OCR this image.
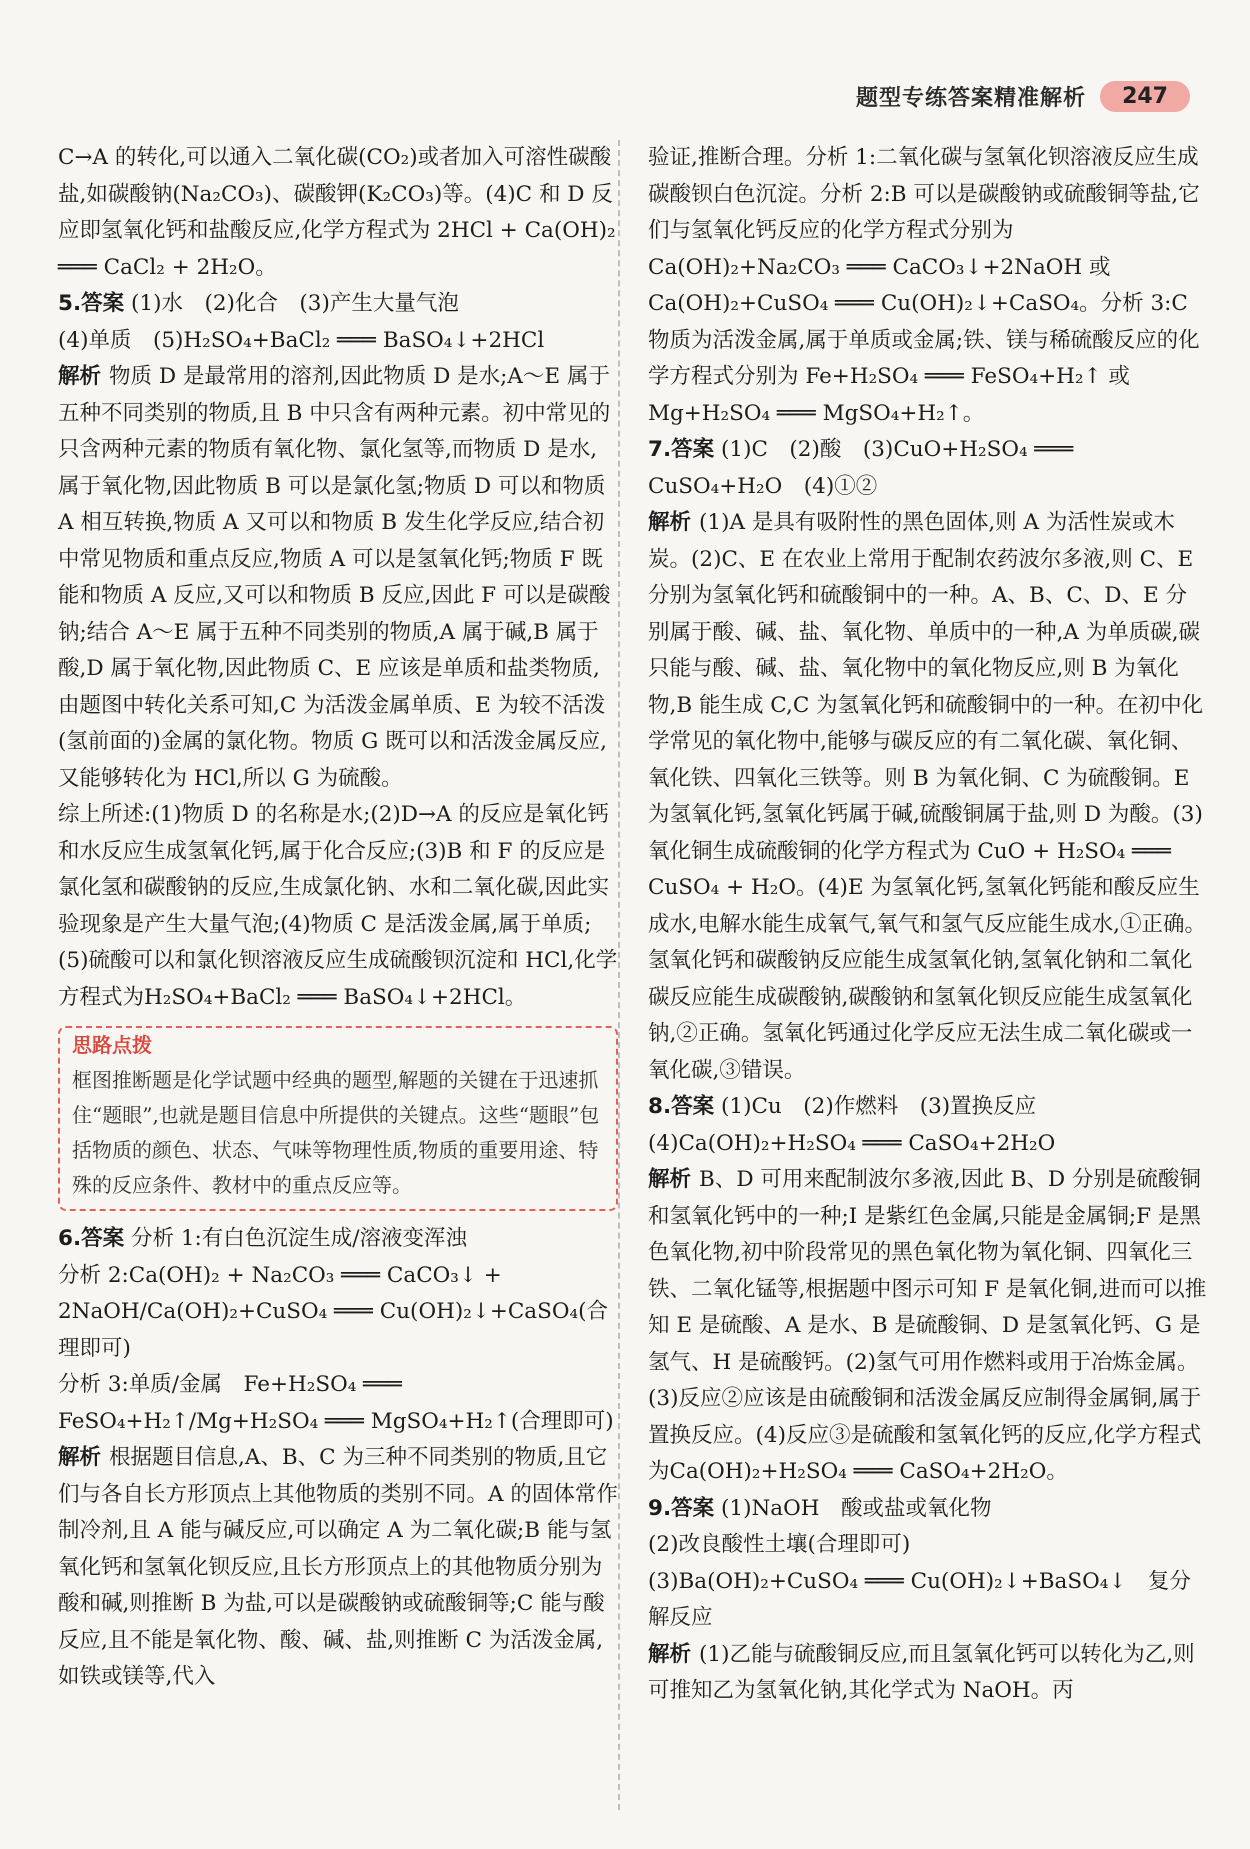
题型专练答案精准解析	247

C→A 的转化,可以通入二氧化碳(CO₂)或者加入可溶性碳酸盐,如碳酸钠(Na₂CO₃)、碳酸钾(K₂CO₃)等。(4)C 和 D 反应即氢氧化钙和盐酸反应,化学方程式为 2HCl + Ca(OH)₂ ═══ CaCl₂ + 2H₂O。

5.答案 (1)水　(2)化合　(3)产生大量气泡

(4)单质　(5)H₂SO₄+BaCl₂ ═══ BaSO₄↓+2HCl

解析 物质 D 是最常用的溶剂,因此物质 D 是水;A～E 属于五种不同类别的物质,且 B 中只含有两种元素。初中常见的只含两种元素的物质有氧化物、氯化氢等,而物质 D 是水,属于氧化物,因此物质 B 可以是氯化氢;物质 D 可以和物质 A 相互转换,物质 A 又可以和物质 B 发生化学反应,结合初中常见物质和重点反应,物质 A 可以是氢氧化钙;物质 F 既能和物质 A 反应,又可以和物质 B 反应,因此 F 可以是碳酸钠;结合 A～E 属于五种不同类别的物质,A 属于碱,B 属于酸,D 属于氧化物,因此物质 C、E 应该是单质和盐类物质,由题图中转化关系可知,C 为活泼金属单质、E 为较不活泼(氢前面的)金属的氯化物。物质 G 既可以和活泼金属反应,又能够转化为 HCl,所以 G 为硫酸。

综上所述:(1)物质 D 的名称是水;(2)D→A 的反应是氧化钙和水反应生成氢氧化钙,属于化合反应;(3)B 和 F 的反应是氯化氢和碳酸钠的反应,生成氯化钠、水和二氧化碳,因此实验现象是产生大量气泡;(4)物质 C 是活泼金属,属于单质;(5)硫酸可以和氯化钡溶液反应生成硫酸钡沉淀和 HCl,化学方程式为H₂SO₄+BaCl₂ ═══ BaSO₄↓+2HCl。

思路点拨
框图推断题是化学试题中经典的题型,解题的关键在于迅速抓住“题眼”,也就是题目信息中所提供的关键点。这些“题眼”包括物质的颜色、状态、气味等物理性质,物质的重要用途、特殊的反应条件、教材中的重点反应等。

6.答案 分析 1:有白色沉淀生成/溶液变浑浊

分析 2:Ca(OH)₂ + Na₂CO₃ ═══ CaCO₃↓ + 2NaOH/Ca(OH)₂+CuSO₄ ═══ Cu(OH)₂↓+CaSO₄(合理即可)

分析 3:单质/金属　Fe+H₂SO₄ ═══ FeSO₄+H₂↑/Mg+H₂SO₄ ═══ MgSO₄+H₂↑(合理即可)

解析 根据题目信息,A、B、C 为三种不同类别的物质,且它们与各自长方形顶点上其他物质的类别不同。A 的固体常作制冷剂,且 A 能与碱反应,可以确定 A 为二氧化碳;B 能与氢氧化钙和氢氧化钡反应,且长方形顶点上的其他物质分别为酸和碱,则推断 B 为盐,可以是碳酸钠或硫酸铜等;C 能与酸反应,且不能是氧化物、酸、碱、盐,则推断 C 为活泼金属,如铁或镁等,代入

验证,推断合理。分析 1:二氧化碳与氢氧化钡溶液反应生成碳酸钡白色沉淀。分析 2:B 可以是碳酸钠或硫酸铜等盐,它们与氢氧化钙反应的化学方程式分别为 Ca(OH)₂+Na₂CO₃ ═══ CaCO₃↓+2NaOH 或Ca(OH)₂+CuSO₄ ═══ Cu(OH)₂↓+CaSO₄。分析 3:C 物质为活泼金属,属于单质或金属;铁、镁与稀硫酸反应的化学方程式分别为 Fe+H₂SO₄ ═══ FeSO₄+H₂↑ 或 Mg+H₂SO₄ ═══ MgSO₄+H₂↑。

7.答案 (1)C　(2)酸　(3)CuO+H₂SO₄ ═══ CuSO₄+H₂O　(4)①②

解析 (1)A 是具有吸附性的黑色固体,则 A 为活性炭或木炭。(2)C、E 在农业上常用于配制农药波尔多液,则 C、E 分别为氢氧化钙和硫酸铜中的一种。A、B、C、D、E 分别属于酸、碱、盐、氧化物、单质中的一种,A 为单质碳,碳只能与酸、碱、盐、氧化物中的氧化物反应,则 B 为氧化物,B 能生成 C,C 为氢氧化钙和硫酸铜中的一种。在初中化学常见的氧化物中,能够与碳反应的有二氧化碳、氧化铜、氧化铁、四氧化三铁等。则 B 为氧化铜、C 为硫酸铜。E 为氢氧化钙,氢氧化钙属于碱,硫酸铜属于盐,则 D 为酸。(3)氧化铜生成硫酸铜的化学方程式为 CuO + H₂SO₄ ═══ CuSO₄ + H₂O。(4)E 为氢氧化钙,氢氧化钙能和酸反应生成水,电解水能生成氧气,氧气和氢气反应能生成水,①正确。氢氧化钙和碳酸钠反应能生成氢氧化钠,氢氧化钠和二氧化碳反应能生成碳酸钠,碳酸钠和氢氧化钡反应能生成氢氧化钠,②正确。氢氧化钙通过化学反应无法生成二氧化碳或一氧化碳,③错误。

8.答案 (1)Cu　(2)作燃料　(3)置换反应

(4)Ca(OH)₂+H₂SO₄ ═══ CaSO₄+2H₂O

解析 B、D 可用来配制波尔多液,因此 B、D 分别是硫酸铜和氢氧化钙中的一种;I 是紫红色金属,只能是金属铜;F 是黑色氧化物,初中阶段常见的黑色氧化物为氧化铜、四氧化三铁、二氧化锰等,根据题中图示可知 F 是氧化铜,进而可以推知 E 是硫酸、A 是水、B 是硫酸铜、D 是氢氧化钙、G 是氢气、H 是硫酸钙。(2)氢气可用作燃料或用于冶炼金属。(3)反应②应该是由硫酸铜和活泼金属反应制得金属铜,属于置换反应。(4)反应③是硫酸和氢氧化钙的反应,化学方程式为Ca(OH)₂+H₂SO₄ ═══ CaSO₄+2H₂O。

9.答案 (1)NaOH　酸或盐或氧化物

(2)改良酸性土壤(合理即可)

(3)Ba(OH)₂+CuSO₄ ═══ Cu(OH)₂↓+BaSO₄↓　复分解反应

解析 (1)乙能与硫酸铜反应,而且氢氧化钙可以转化为乙,则可推知乙为氢氧化钠,其化学式为 NaOH。丙
